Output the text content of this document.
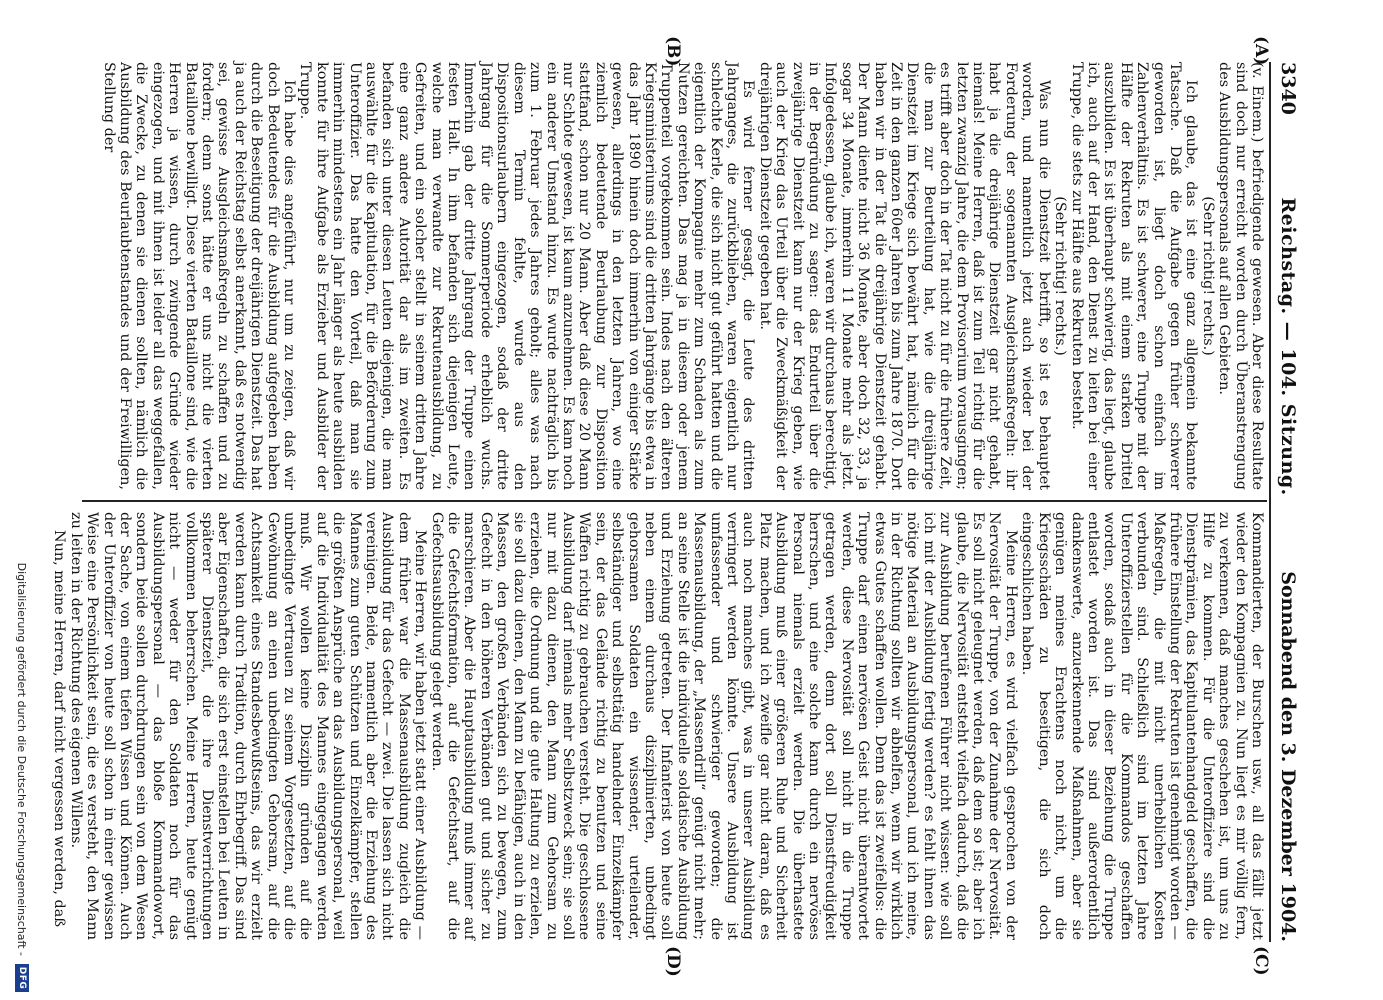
3340
Reichstag. — 104. Sitzung.
Sonnabend den 3. Dezember 1904.
(A)
(B)
(C)
(D)

(v. Einem.) befriedigende gewesen. Aber diese Resultate sind doch nur erreicht worden durch Überanstrengung des Ausbildungspersonals auf allen Gebieten.

(Sehr richtig! rechts.)

Ich glaube, das ist eine ganz allgemein bekannte Tatsache. Daß die Aufgabe gegen früher schwerer geworden ist, liegt doch schon einfach im Zahlenverhältnis. Es ist schwerer, eine Truppe mit der Hälfte der Rekruten als mit einem starken Drittel auszubilden. Es ist überhaupt schwierig, das liegt, glaube ich, auch auf der Hand, den Dienst zu leiten bei einer Truppe, die stets zur Hälfte aus Rekruten besteht.

(Sehr richtig! rechts.)

Was nun die Dienstzeit betrifft, so ist es behauptet worden, und namentlich jetzt auch wieder bei der Forderung der sogenannten Ausgleichsmaßregeln: ihr habt ja die dreijährige Dienstzeit gar nicht gehabt, niemals! Meine Herren, daß ist zum Teil richtig für die letzten zwanzig Jahre, die dem Provisorium vorausgingen; es trifft aber doch in der Tat nicht zu für die frühere Zeit, die man zur Beurteilung hat, wie die dreijährige Dienstzeit im Kriege sich bewährt hat, nämlich für die Zeit in den ganzen 60er Jahren bis zum Jahre 1870. Dort haben wir in der Tat die dreijährige Dienstzeit gehabt. Der Mann diente nicht 36 Monate, aber doch 32, 33, ja sogar 34 Monate, immerhin 11 Monate mehr als jetzt. Infolgedessen, glaube ich, waren wir durchaus berechtigt, in der Begründung zu sagen: das Endurteil über die zweijährige Dienstzeit kann nur der Krieg geben, wie auch der Krieg das Urteil über die Zweckmäßigkeit der dreijährigen Dienstzeit gegeben hat.

Es wird ferner gesagt, die Leute des dritten Jahrganges, die zurückblieben, waren eigentlich nur schlechte Kerle, die sich nicht gut geführt hatten und die eigentlich der Kompagnie mehr zum Schaden als zum Nutzen gereichten. Das mag ja in diesem oder jenem Truppenteil vorgekommen sein. Indes nach den älteren Kriegsministeriums sind die dritten Jahrgänge bis etwa in das Jahr 1890 hinein doch immerhin von einiger Stärke gewesen, allerdings in den letzten Jahren, wo eine ziemlich bedeutende Beurlaubung zur Disposition stattfand, schon nur 20 Mann. Aber daß diese 20 Mann nur Schlote gewesen, ist kaum anzunehmen. Es kam noch ein anderer Umstand hinzu. Es wurde nachträglich bis zum 1. Februar jedes Jahres geholt; alles was nach diesem Termin fehlte, wurde aus den Dispositionsurlaubern eingezogen, sodaß der dritte Jahrgang für die Sommerperiode erheblich wuchs. Immerhin gab der dritte Jahrgang der Truppe einen festen Halt. In ihm befanden sich diejenigen Leute, welche man verwandte zur Rekrutenausbildung, zu Gefreiten, und ein solcher stellt in seinem dritten Jahre eine ganz andere Autorität dar als im zweiten. Es befanden sich unter diesen Leuten diejenigen, die man auswählte für die Kapitulation, für die Beförderung zum Unteroffizier. Das hatte den Vorteil, daß man sie immerhin mindestens ein Jahr länger als heute ausbilden konnte für ihre Aufgabe als Erzieher und Ausbilder der Truppe.

Ich habe dies angeführt, nur um zu zeigen, daß wir doch Bedeutendes für die Ausbildung aufgegeben haben durch die Beseitigung der dreijährigen Dienstzeit. Das hat ja auch der Reichstag selbst anerkannt, daß es notwendig sei, gewisse Ausgleichsmaßregeln zu schaffen und zu fordern; denn sonst hätte er uns nicht die vierten Bataillone bewilligt. Diese vierten Bataillone sind, wie die Herren ja wissen, durch zwingende Gründe wieder eingezogen, und mit ihnen ist leider all das weggefallen, die Zwecke, zu denen sie dienen sollten, nämlich die Ausbildung des Beurlaubtenstandes und der Freiwilligen, Stellung der

Kommandierten, der Burschen usw., all das fällt jetzt wieder den Kompagnien zu. Nun liegt es mir völlig fern, zu verkennen, daß manches geschehen ist, um uns zu Hilfe zu kommen. Für die Unteroffiziere sind die Dienstprämien, das Kapitulantenhandgeld geschaffen, die frühere Einstellung der Rekruten ist genehmigt worden — Maßregeln, die mit nicht unerheblichen Kosten verbunden sind. Schließlich sind im letzten Jahre Unteroffizierstellen für die Kommandos geschaffen worden, sodaß auch in dieser Beziehung die Truppe entlastet worden ist. Das sind außerordentlich dankenswerte, anzuerkennende Maßnahmen, aber sie genügen meines Erachtens noch nicht, um die Kriegsschäden zu beseitigen, die sich doch eingeschlichen haben.

Meine Herren, es wird vielfach gesprochen von der Nervosität der Truppe, von der Zunahme der Nervosität. Es soll nicht geleugnet werden, daß dem so ist; aber ich glaube, die Nervosität entsteht vielfach dadurch, daß die zur Ausbildung berufenen Führer nicht wissen: wie soll ich mit der Ausbildung fertig werden? es fehlt ihnen das nötige Material an Ausbildungspersonal, und ich meine, in der Richtung sollten wir abhelfen, wenn wir wirklich etwas Gutes schaffen wollen. Denn das ist zweifellos: die Truppe darf einen nervösen Geist nicht überantwortet werden, diese Nervosität soll nicht in die Truppe getragen werden, denn dort soll Dienstfreudigkeit herrschen, und eine solche kann durch ein nervöses Personal niemals erzielt werden. Die überhastete Ausbildung muß einer größeren Ruhe und Sicherheit Platz machen, und ich zweifle gar nicht daran, daß es auch noch manches gibt, was in unserer Ausbildung verringert werden könnte. Unsere Ausbildung ist umfassender und schwieriger geworden; die Massenausbildung, der „Massendrill“ genügt nicht mehr; an seine Stelle ist die individuelle soldatische Ausbildung und Erziehung getreten. Der Infanterist von heute soll neben einem durchaus disziplinierten, unbedingt gehorsamen Soldaten ein wissender, urteilender, selbständiger und selbsttätig handelnder Einzelkämpfer sein, der das Gelände richtig zu benutzen und seine Waffen richtig zu gebrauchen versteht. Die geschlossene Ausbildung darf niemals mehr Selbstzweck sein; sie soll nur mit dazu dienen, den Mann zum Gehorsam zu erziehen, die Ordnung und die gute Haltung zu erzielen, sie soll dazu dienen, den Mann zu befähigen, auch in den Massen, den großen Verbänden sich zu bewegen, zum Gefecht in den höheren Verbänden gut und sicher zu marschieren. Aber die Hauptausbildung muß immer auf die Gefechtsformation, auf die Gefechtsart, auf die Gefechtsausbildung gelegt werden.

Meine Herren, wir haben jetzt statt einer Ausbildung — dem früher war die Massenausbildung zugleich die Ausbildung für das Gefecht — zwei. Die lassen sich nicht vereinigen. Beide, namentlich aber die Erziehung des Mannes zum guten Schützen und Einzelkämpfer, stellen die größten Ansprüche an das Ausbildungspersonal, weil auf die Individualität des Mannes eingegangen werden muß. Wir wollen keine Disziplin gründen auf die unbedingte Vertrauen zu seinem Vorgesetzten, auf die Gewöhnung an einen unbedingten Gehorsam, auf die Achtsamkeit eines Standesbewußtseins, das wir erzielt werden kann durch Tradition, durch Ehrbegriff. Das sind aber Eigenschaften, die sich erst einstellen bei Leuten in späterer Dienstzeit, die ihre Dienstverrichtungen vollkommen beherrschen. Meine Herren, heute genügt nicht — weder für den Soldaten noch für das Ausbildungspersonal — das bloße Kommandowort, sondern beide sollen durchdrungen sein von dem Wesen der Sache, von einem tiefen Wissen und Können. Auch der Unteroffizier von heute soll schon in einer gewissen Weise eine Persönlichkeit sein, die es versteht, den Mann zu leiten in der Richtung des eigenen Willens.

Nun, meine Herren, darf nicht vergessen werden, daß

Digitalisierung gefördert durch die Deutsche Forschungsgemeinschaft -
DFG
